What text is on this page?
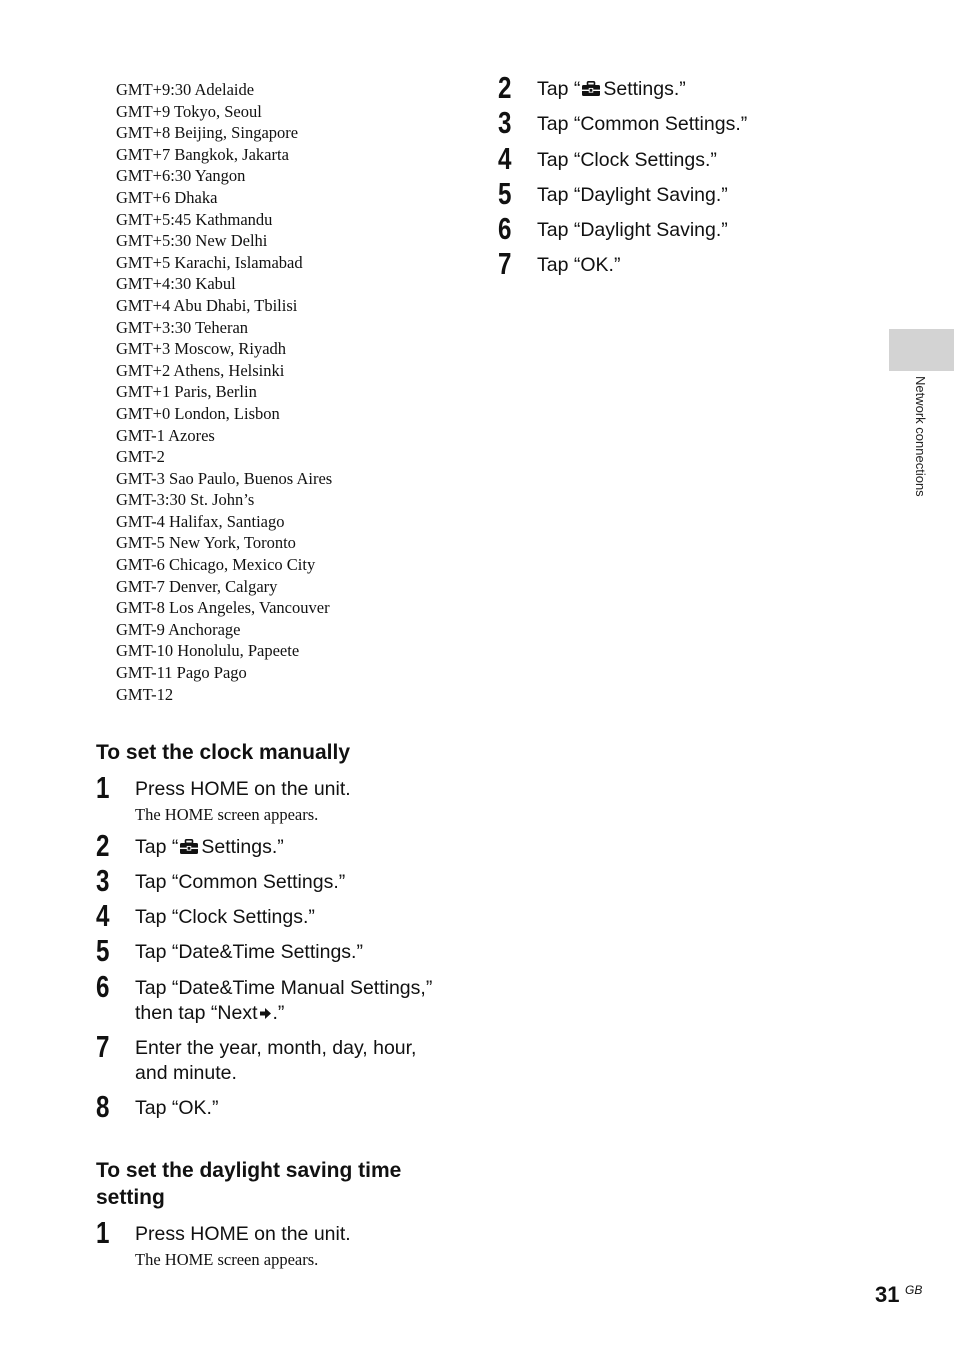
GMT+9:30 Adelaide
GMT+9 Tokyo, Seoul
GMT+8 Beijing, Singapore
GMT+7 Bangkok, Jakarta
GMT+6:30 Yangon
GMT+6 Dhaka
GMT+5:45 Kathmandu
GMT+5:30 New Delhi
GMT+5 Karachi, Islamabad
GMT+4:30 Kabul
GMT+4 Abu Dhabi, Tbilisi
GMT+3:30 Teheran
GMT+3 Moscow, Riyadh
GMT+2 Athens, Helsinki
GMT+1 Paris, Berlin
GMT+0 London, Lisbon
GMT-1 Azores
GMT-2
GMT-3 Sao Paulo, Buenos Aires
GMT-3:30 St. John’s
GMT-4 Halifax, Santiago
GMT-5 New York, Toronto
GMT-6 Chicago, Mexico City
GMT-7 Denver, Calgary
GMT-8 Los Angeles, Vancouver
GMT-9 Anchorage
GMT-10 Honolulu, Papeete
GMT-11 Pago Pago
GMT-12
To set the clock manually
1 Press HOME on the unit.
The HOME screen appears.
2 Tap “ Settings.”
3 Tap “Common Settings.”
4 Tap “Clock Settings.”
5 Tap “Date&Time Settings.”
6 Tap “Date&Time Manual Settings,”
then tap “Next .”
7 Enter the year, month, day, hour,
and minute.
8 Tap “OK.”
To set the daylight saving time
setting
1 Press HOME on the unit.
The HOME screen appears.
2 Tap “ Settings.”
3 Tap “Common Settings.”
4 Tap “Clock Settings.”
5 Tap “Daylight Saving.”
6 Tap “Daylight Saving.”
7 Tap “OK.”
Network connections
31 GB
